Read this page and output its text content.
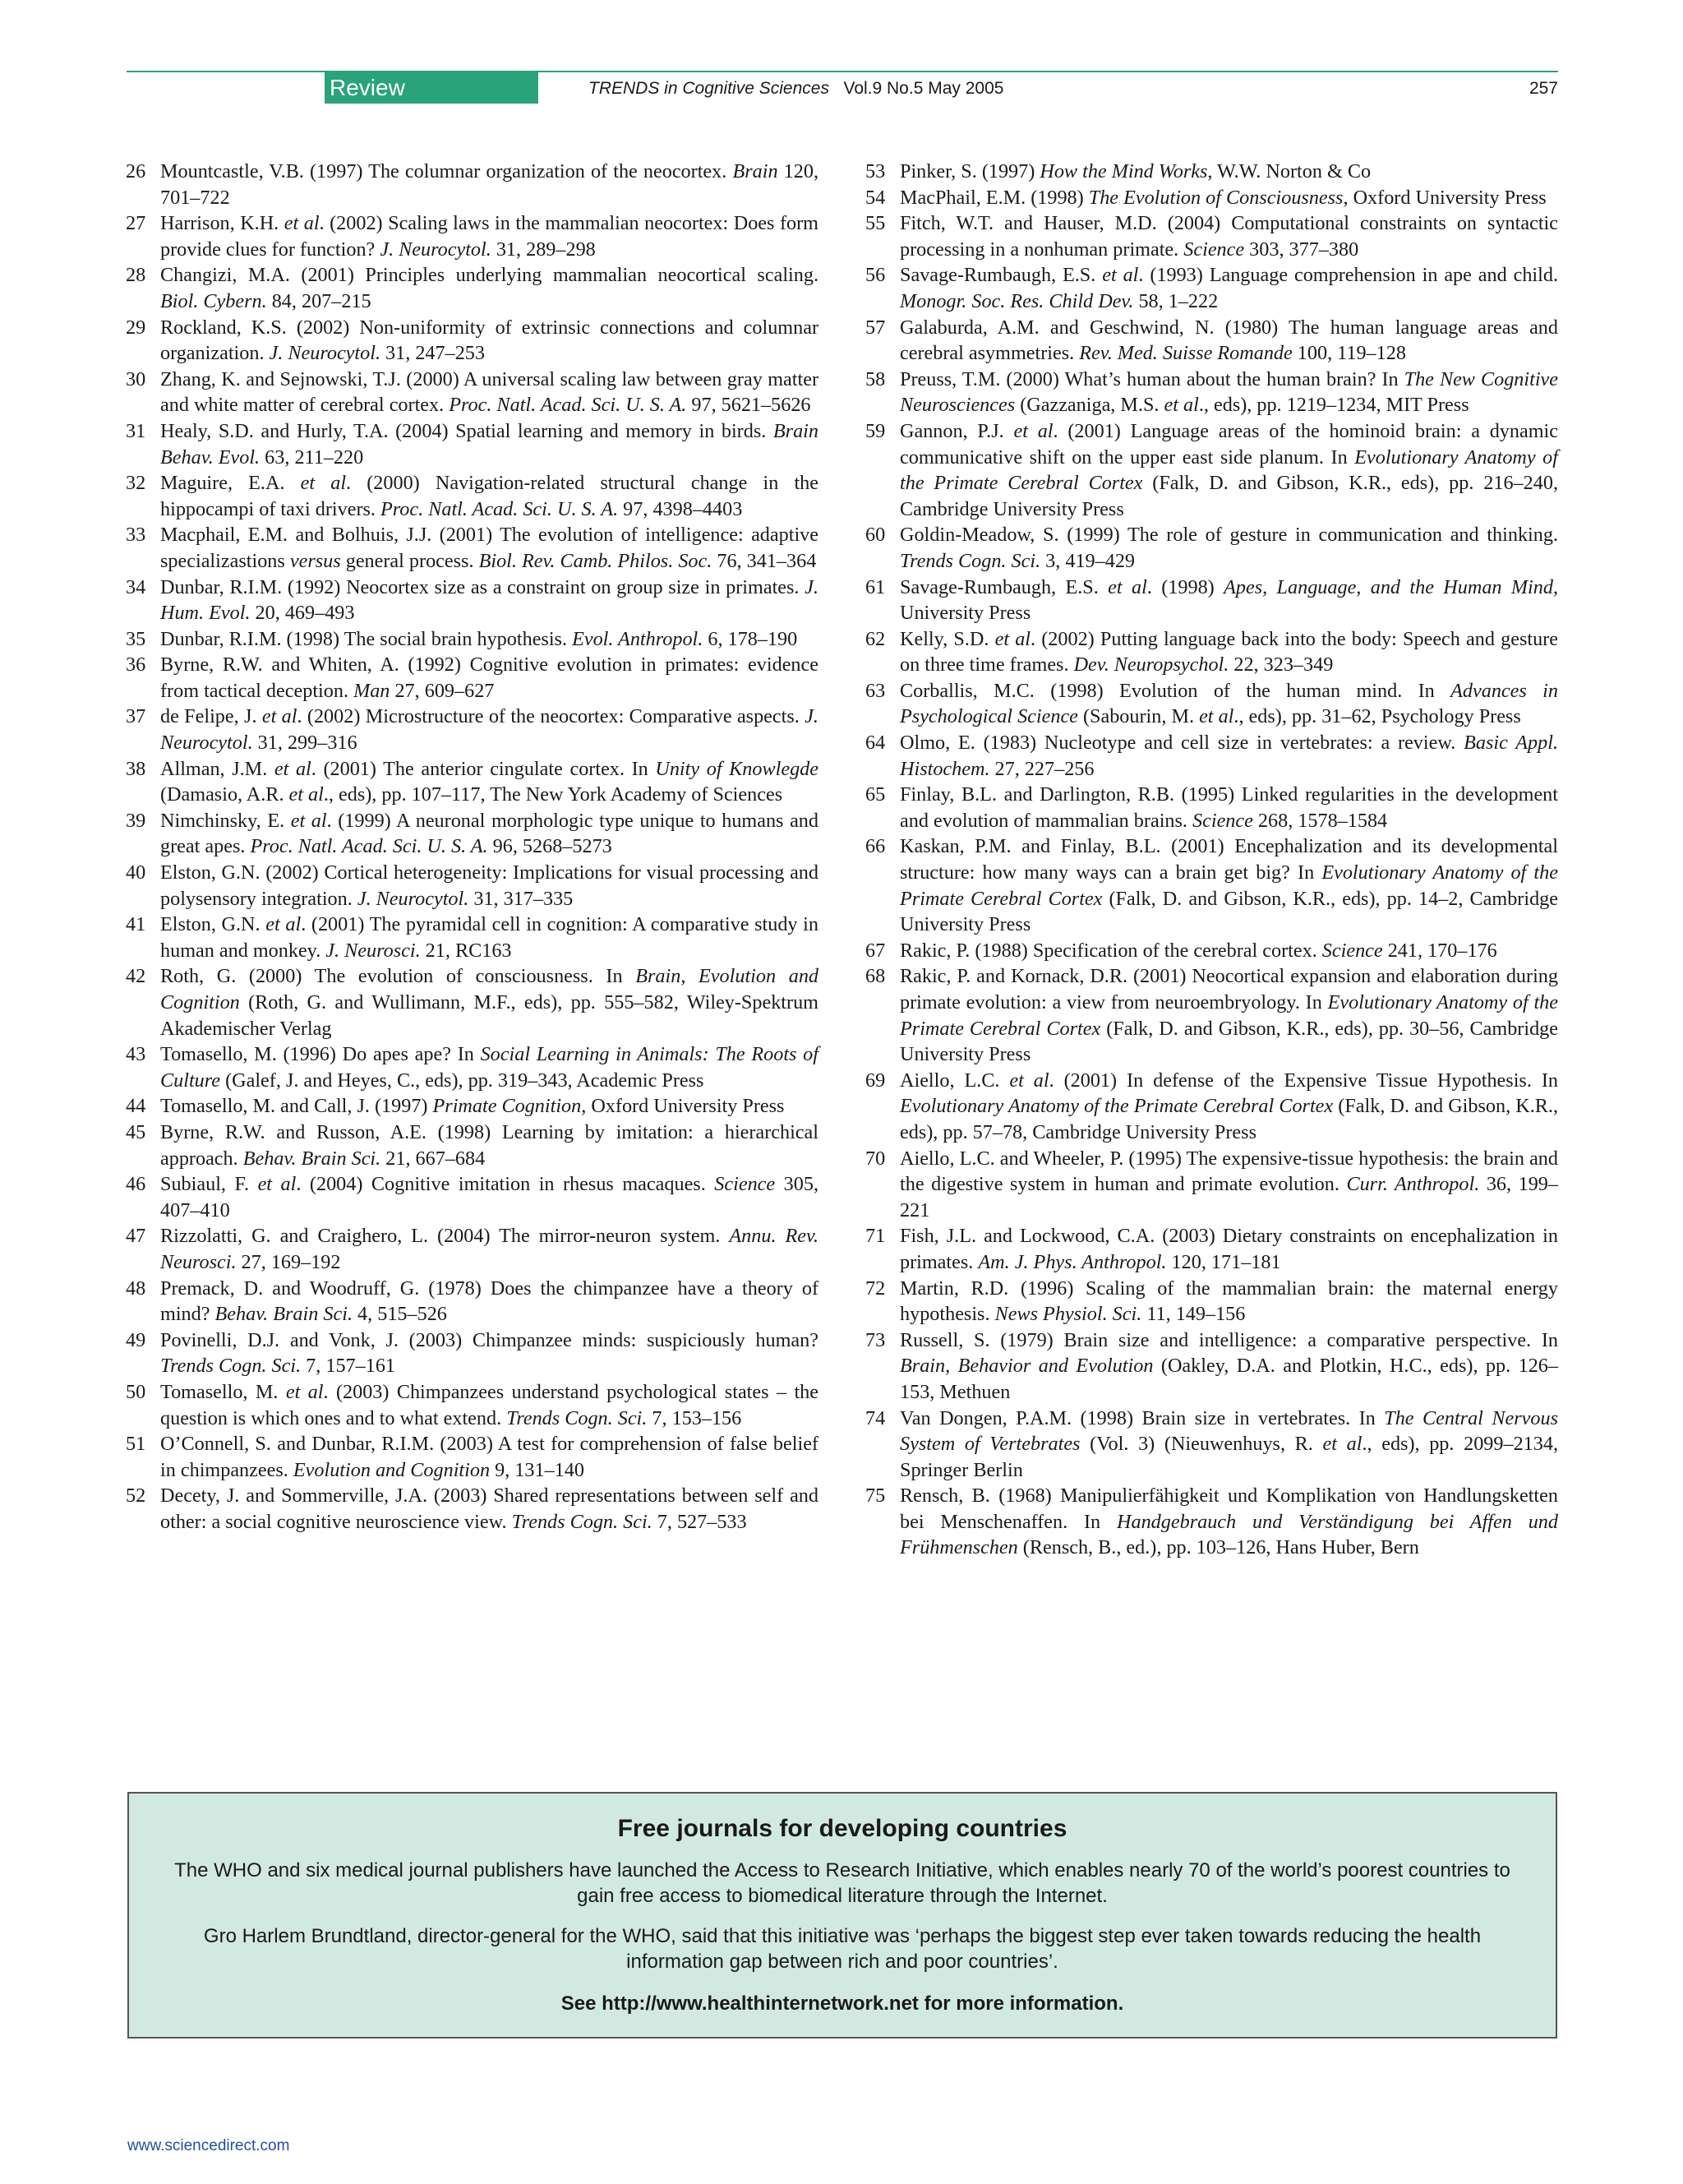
Review	TRENDS in Cognitive Sciences Vol.9 No.5 May 2005	257

26 Mountcastle, V.B. (1997) The columnar organization of the neocortex. Brain 120, 701–722

27 Harrison, K.H. et al. (2002) Scaling laws in the mammalian neocortex: Does form provide clues for function? J. Neurocytol. 31, 289–298

28 Changizi, M.A. (2001) Principles underlying mammalian neocortical scaling. Biol. Cybern. 84, 207–215

29 Rockland, K.S. (2002) Non-uniformity of extrinsic connections and columnar organization. J. Neurocytol. 31, 247–253

30 Zhang, K. and Sejnowski, T.J. (2000) A universal scaling law between gray matter and white matter of cerebral cortex. Proc. Natl. Acad. Sci. U. S. A. 97, 5621–5626

31 Healy, S.D. and Hurly, T.A. (2004) Spatial learning and memory in birds. Brain Behav. Evol. 63, 211–220

32 Maguire, E.A. et al. (2000) Navigation-related structural change in the hippocampi of taxi drivers. Proc. Natl. Acad. Sci. U. S. A. 97, 4398–4403

33 Macphail, E.M. and Bolhuis, J.J. (2001) The evolution of intelligence: adaptive specializastions versus general process. Biol. Rev. Camb. Philos. Soc. 76, 341–364

34 Dunbar, R.I.M. (1992) Neocortex size as a constraint on group size in primates. J. Hum. Evol. 20, 469–493

35 Dunbar, R.I.M. (1998) The social brain hypothesis. Evol. Anthropol. 6, 178–190

36 Byrne, R.W. and Whiten, A. (1992) Cognitive evolution in primates: evidence from tactical deception. Man 27, 609–627

37 de Felipe, J. et al. (2002) Microstructure of the neocortex: Comparative aspects. J. Neurocytol. 31, 299–316

38 Allman, J.M. et al. (2001) The anterior cingulate cortex. In Unity of Knowlegde (Damasio, A.R. et al., eds), pp. 107–117, The New York Academy of Sciences

39 Nimchinsky, E. et al. (1999) A neuronal morphologic type unique to humans and great apes. Proc. Natl. Acad. Sci. U. S. A. 96, 5268–5273

40 Elston, G.N. (2002) Cortical heterogeneity: Implications for visual processing and polysensory integration. J. Neurocytol. 31, 317–335

41 Elston, G.N. et al. (2001) The pyramidal cell in cognition: A comparative study in human and monkey. J. Neurosci. 21, RC163

42 Roth, G. (2000) The evolution of consciousness. In Brain, Evolution and Cognition (Roth, G. and Wullimann, M.F., eds), pp. 555–582, Wiley-Spektrum Akademischer Verlag

43 Tomasello, M. (1996) Do apes ape? In Social Learning in Animals: The Roots of Culture (Galef, J. and Heyes, C., eds), pp. 319–343, Academic Press

44 Tomasello, M. and Call, J. (1997) Primate Cognition, Oxford University Press

45 Byrne, R.W. and Russon, A.E. (1998) Learning by imitation: a hierarchical approach. Behav. Brain Sci. 21, 667–684

46 Subiaul, F. et al. (2004) Cognitive imitation in rhesus macaques. Science 305, 407–410

47 Rizzolatti, G. and Craighero, L. (2004) The mirror-neuron system. Annu. Rev. Neurosci. 27, 169–192

48 Premack, D. and Woodruff, G. (1978) Does the chimpanzee have a theory of mind? Behav. Brain Sci. 4, 515–526

49 Povinelli, D.J. and Vonk, J. (2003) Chimpanzee minds: suspiciously human? Trends Cogn. Sci. 7, 157–161

50 Tomasello, M. et al. (2003) Chimpanzees understand psychological states – the question is which ones and to what extend. Trends Cogn. Sci. 7, 153–156

51 O’Connell, S. and Dunbar, R.I.M. (2003) A test for comprehension of false belief in chimpanzees. Evolution and Cognition 9, 131–140

52 Decety, J. and Sommerville, J.A. (2003) Shared representations between self and other: a social cognitive neuroscience view. Trends Cogn. Sci. 7, 527–533

53 Pinker, S. (1997) How the Mind Works, W.W. Norton & Co

54 MacPhail, E.M. (1998) The Evolution of Consciousness, Oxford University Press

55 Fitch, W.T. and Hauser, M.D. (2004) Computational constraints on syntactic processing in a nonhuman primate. Science 303, 377–380

56 Savage-Rumbaugh, E.S. et al. (1993) Language comprehension in ape and child. Monogr. Soc. Res. Child Dev. 58, 1–222

57 Galaburda, A.M. and Geschwind, N. (1980) The human language areas and cerebral asymmetries. Rev. Med. Suisse Romande 100, 119–128

58 Preuss, T.M. (2000) What’s human about the human brain? In The New Cognitive Neurosciences (Gazzaniga, M.S. et al., eds), pp. 1219–1234, MIT Press

59 Gannon, P.J. et al. (2001) Language areas of the hominoid brain: a dynamic communicative shift on the upper east side planum. In Evolutionary Anatomy of the Primate Cerebral Cortex (Falk, D. and Gibson, K.R., eds), pp. 216–240, Cambridge University Press

60 Goldin-Meadow, S. (1999) The role of gesture in communication and thinking. Trends Cogn. Sci. 3, 419–429

61 Savage-Rumbaugh, E.S. et al. (1998) Apes, Language, and the Human Mind, University Press

62 Kelly, S.D. et al. (2002) Putting language back into the body: Speech and gesture on three time frames. Dev. Neuropsychol. 22, 323–349

63 Corballis, M.C. (1998) Evolution of the human mind. In Advances in Psychological Science (Sabourin, M. et al., eds), pp. 31–62, Psychology Press

64 Olmo, E. (1983) Nucleotype and cell size in vertebrates: a review. Basic Appl. Histochem. 27, 227–256

65 Finlay, B.L. and Darlington, R.B. (1995) Linked regularities in the development and evolution of mammalian brains. Science 268, 1578–1584

66 Kaskan, P.M. and Finlay, B.L. (2001) Encephalization and its developmental structure: how many ways can a brain get big? In Evolutionary Anatomy of the Primate Cerebral Cortex (Falk, D. and Gibson, K.R., eds), pp. 14–2, Cambridge University Press

67 Rakic, P. (1988) Specification of the cerebral cortex. Science 241, 170–176

68 Rakic, P. and Kornack, D.R. (2001) Neocortical expansion and elaboration during primate evolution: a view from neuroembryology. In Evolutionary Anatomy of the Primate Cerebral Cortex (Falk, D. and Gibson, K.R., eds), pp. 30–56, Cambridge University Press

69 Aiello, L.C. et al. (2001) In defense of the Expensive Tissue Hypothesis. In Evolutionary Anatomy of the Primate Cerebral Cortex (Falk, D. and Gibson, K.R., eds), pp. 57–78, Cambridge University Press

70 Aiello, L.C. and Wheeler, P. (1995) The expensive-tissue hypothesis: the brain and the digestive system in human and primate evolution. Curr. Anthropol. 36, 199–221

71 Fish, J.L. and Lockwood, C.A. (2003) Dietary constraints on encephalization in primates. Am. J. Phys. Anthropol. 120, 171–181

72 Martin, R.D. (1996) Scaling of the mammalian brain: the maternal energy hypothesis. News Physiol. Sci. 11, 149–156

73 Russell, S. (1979) Brain size and intelligence: a comparative perspective. In Brain, Behavior and Evolution (Oakley, D.A. and Plotkin, H.C., eds), pp. 126–153, Methuen

74 Van Dongen, P.A.M. (1998) Brain size in vertebrates. In The Central Nervous System of Vertebrates (Vol. 3) (Nieuwenhuys, R. et al., eds), pp. 2099–2134, Springer Berlin

75 Rensch, B. (1968) Manipulierfähigkeit und Komplikation von Handlungsketten bei Menschenaffen. In Handgebrauch und Verständigung bei Affen und Frühmenschen (Rensch, B., ed.), pp. 103–126, Hans Huber, Bern

Free journals for developing countries
The WHO and six medical journal publishers have launched the Access to Research Initiative, which enables nearly 70 of the world’s poorest countries to gain free access to biomedical literature through the Internet.
Gro Harlem Brundtland, director-general for the WHO, said that this initiative was ‘perhaps the biggest step ever taken towards reducing the health information gap between rich and poor countries’.
See http://www.healthinternetwork.net for more information.
www.sciencedirect.com
